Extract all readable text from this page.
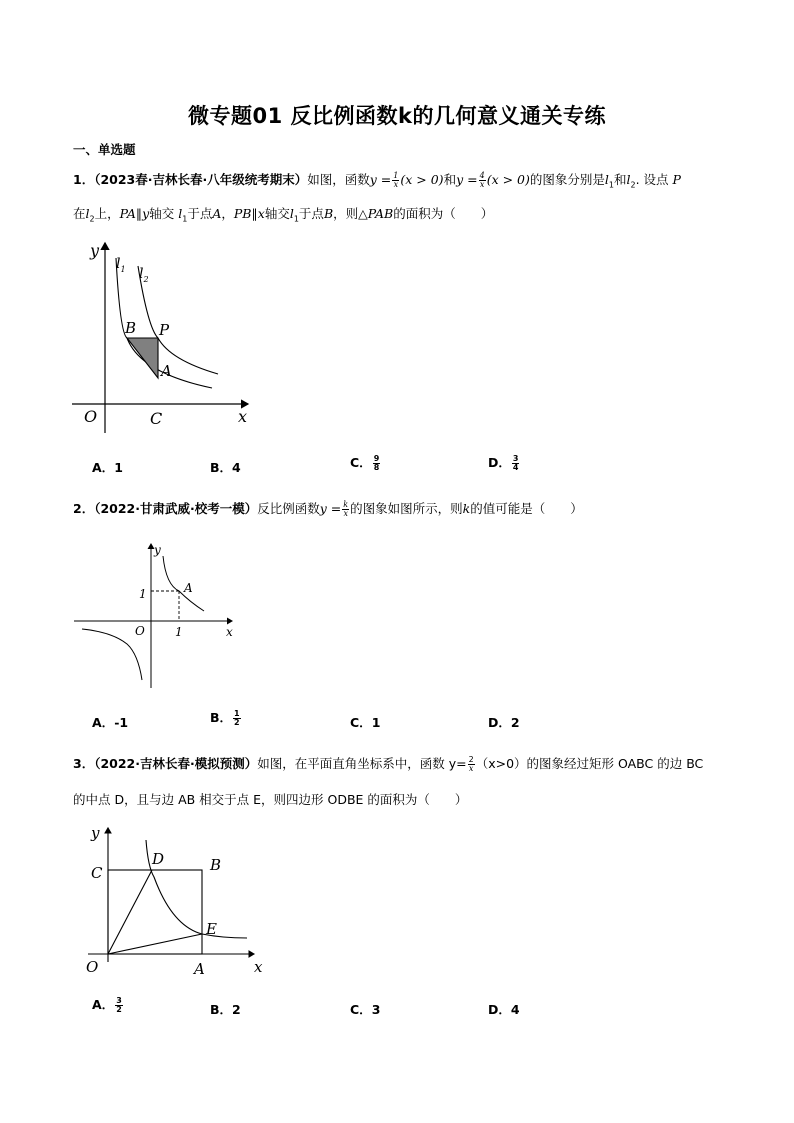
微专题01 反比例函数k的几何意义通关专练
一、单选题
1．（2023春·吉林长春·八年级统考期末）如图，函数$y = \frac{1}{x} (x > 0)$和$y = \frac{4}{x} (x > 0)$的图象分别是$l_1$和$l_2$. 设点 P
在$l_2$上，PA∥y轴交 $l_1$于点A，PB∥x轴交$l_1$于点B，则△PAB的面积为（　　）
y
$l_1$ $l_2$
B P
A
O	C	x
A．1	B．4	C． $\frac{9}{8}$	D． $\frac{3}{4}$
2．（2022·甘肃武威·校考一模）反比例函数$y = \frac{k}{x}$ 的图象如图所示，则k的值可能是（　　）
y
A
1
O	1	x
A．-1	B． $\frac{1}{2}$	C．1	D．2
3．（2022·吉林长春·模拟预测）如图，在平面直角坐标系中，函数 $y= \frac{2}{x} (x>0)$的图象经过矩形 OABC 的边 BC
的中点 D，且与边 AB 相交于点 E，则四边形 ODBE 的面积为（　　）
y
C
D	B
E
O	A	x
A． $\frac{3}{2}$	B．2	C．3	D．4
